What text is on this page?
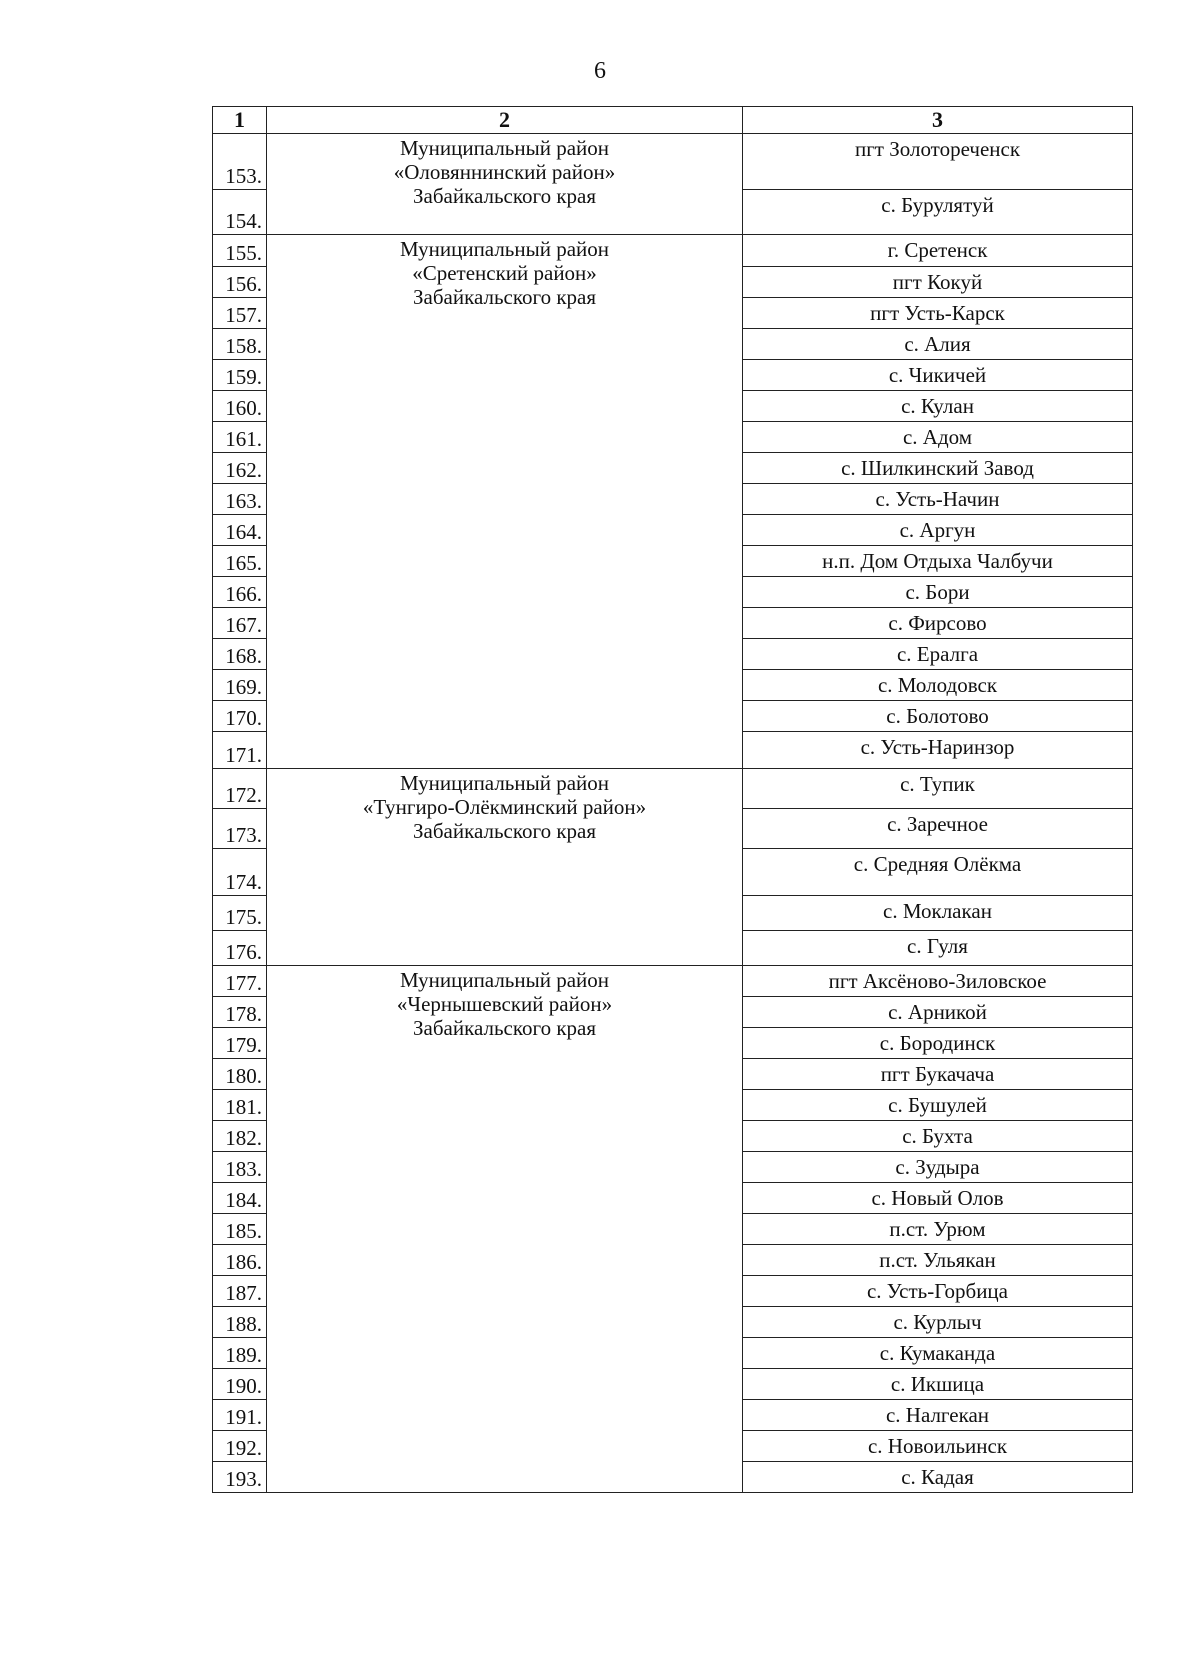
6
1	2	3
153.	Муниципальный район
«Оловяннинский район»
Забайкальского края	пгт Золотореченск
154.		с. Бурулятуй
155.	Муниципальный район
«Сретенский район»
Забайкальского края	г. Сретенск
156.		пгт Кокуй
157.		пгт Усть-Карск
158.		с. Алия
159.		с. Чикичей
160.		с. Кулан
161.		с. Адом
162.		с. Шилкинский Завод
163.		с. Усть-Начин
164.		с. Аргун
165.		н.п. Дом Отдыха Чалбучи
166.		с. Бори
167.		с. Фирсово
168.		с. Ералга
169.		с. Молодовск
170.		с. Болотово
171.		с. Усть-Наринзор
172.	Муниципальный район
«Тунгиро-Олёкминский район»
Забайкальского края	с. Тупик
173.		с. Заречное
174.		с. Средняя Олёкма
175.		с. Моклакан
176.		с. Гуля
177.	Муниципальный район
«Чернышевский район»
Забайкальского края	пгт Аксёново-Зиловское
178.		с. Арникой
179.		с. Бородинск
180.		пгт Букачача
181.		с. Бушулей
182.		с. Бухта
183.		с. Зудыра
184.		с. Новый Олов
185.		п.ст. Урюм
186.		п.ст. Ульякан
187.		с. Усть-Горбица
188.		с. Курлыч
189.		с. Кумаканда
190.		с. Икшица
191.		с. Налгекан
192.		с. Новоильинск
193.		с. Кадая
